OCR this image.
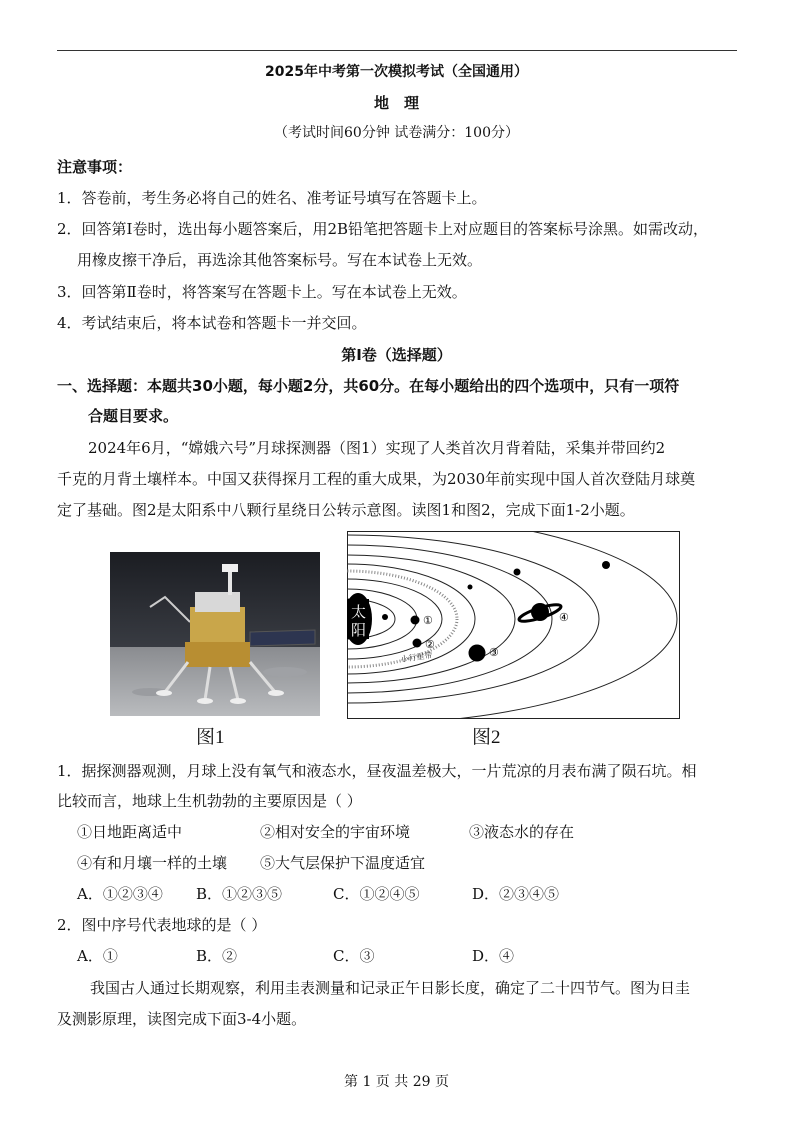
2025年中考第一次模拟考试（全国通用）
地　理
（考试时间60分钟 试卷满分：100分）
注意事项：
1．答卷前，考生务必将自己的姓名、准考证号填写在答题卡上。
2．回答第Ⅰ卷时，选出每小题答案后，用2B铅笔把答题卡上对应题目的答案标号涂黑。如需改动，
用橡皮擦干净后，再选涂其他答案标号。写在本试卷上无效。
3．回答第Ⅱ卷时，将答案写在答题卡上。写在本试卷上无效。
4．考试结束后，将本试卷和答题卡一并交回。
第Ⅰ卷（选择题）
一、选择题：本题共30小题，每小题2分，共60分。在每小题给出的四个选项中，只有一项符
合题目要求。
2024年6月，“嫦娥六号”月球探测器（图1）实现了人类首次月背着陆，采集并带回约2
千克的月背土壤样本。中国又获得探月工程的重大成果，为2030年前实现中国人首次登陆月球奠
定了基础。图2是太阳系中八颗行星绕日公转示意图。读图1和图2，完成下面1-2小题。
太
阳
①
②
③
④
小行星带
图1	图2
1．据探测器观测，月球上没有氧气和液态水，昼夜温差极大，一片荒凉的月表布满了陨石坑。相
比较而言，地球上生机勃勃的主要原因是（ ）
①日地距离适中	②相对安全的宇宙环境	③液态水的存在
④有和月壤一样的土壤 ⑤大气层保护下温度适宜
A．①②③④ B．①②③⑤	C．①②④⑤	D．②③④⑤
2．图中序号代表地球的是（ ）
A．①	B．②	C．③	D．④
我国古人通过长期观察，利用圭表测量和记录正午日影长度，确定了二十四节气。图为日圭
及测影原理，读图完成下面3-4小题。
第 1 页 共 29 页
